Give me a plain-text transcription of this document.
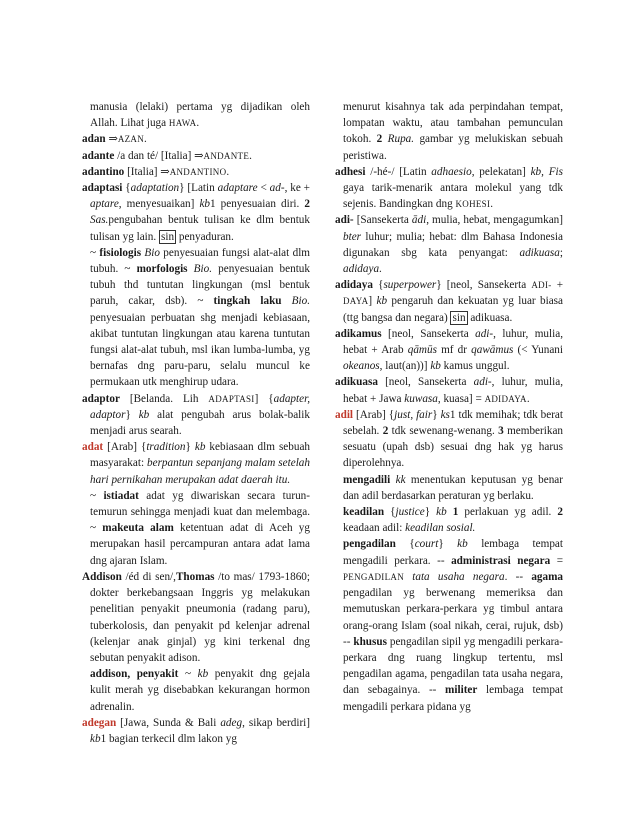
manusia (lelaki) pertama yg dijadikan oleh Allah. Lihat juga HAWA.

adan ⇒AZAN.

adante /a dan té/ [Italia] ⇒ANDANTE.

adantino [Italia] ⇒ANDANTINO.

adaptasi {adaptation} [Latin adaptare < ad-, ke + aptare, menyesuaikan] kb1 penyesuaian diri. 2 Sas.pengubahan bentuk tulisan ke dlm bentuk tulisan yg lain. sin penyaduran.

~ fisiologis Bio penyesuaian fungsi alat-alat dlm tubuh. ~ morfologis Bio. penyesuaian bentuk tubuh thd tuntutan lingkungan (msl bentuk paruh, cakar, dsb). ~ tingkah laku Bio. penyesuaian perbuatan shg menjadi kebiasaan, akibat tuntutan lingkungan atau karena tuntutan fungsi alat-alat tubuh, msl ikan lumba-lumba, yg bernafas dng paru-paru, selalu muncul ke permukaan utk menghirup udara.

adaptor [Belanda. Lih ADAPTASI] {adapter, adaptor} kb alat pengubah arus bolak-balik menjadi arus searah.

adat [Arab] {tradition} kb kebiasaan dlm sebuah masyarakat: berpantun sepanjang malam setelah hari pernikahan merupakan adat daerah itu.

~ istiadat adat yg diwariskan secara turun-temurun sehingga menjadi kuat dan melembaga. ~ makeuta alam ketentuan adat di Aceh yg merupakan hasil percampuran antara adat lama dng ajaran Islam.

Addison /éd di sen/,Thomas /to mas/ 1793-1860; dokter berkebangsaan Inggris yg melakukan penelitian penyakit pneumonia (radang paru), tuberkolosis, dan penyakit pd kelenjar adrenal (kelenjar anak ginjal) yg kini terkenal dng sebutan penyakit adison.

addison, penyakit ~ kb penyakit dng gejala kulit merah yg disebabkan kekurangan hormon adrenalin.

adegan [Jawa, Sunda & Bali adeg, sikap berdiri] kb1 bagian terkecil dlm lakon yg

menurut kisahnya tak ada perpindahan tempat, lompatan waktu, atau tambahan pemunculan tokoh. 2 Rupa. gambar yg melukiskan sebuah peristiwa.

adhesi /-hé-/ [Latin adhaesio, pelekatan] kb, Fis gaya tarik-menarik antara molekul yang tdk sejenis. Bandingkan dng KOHESI.

adi- [Sansekerta ādi, mulia, hebat, mengagumkan] bter luhur; mulia; hebat: dlm Bahasa Indonesia digunakan sbg kata penyangat: adikuasa; adidaya.

adidaya {superpower} [neol, Sansekerta ADI- + DAYA] kb pengaruh dan kekuatan yg luar biasa (ttg bangsa dan negara) sin adikuasa.

adikamus [neol, Sansekerta adi-, luhur, mulia, hebat + Arab qāmūs mf dr qawāmus (< Yunani okeanos, laut(an))] kb kamus unggul.

adikuasa [neol, Sansekerta adi-, luhur, mulia, hebat + Jawa kuwasa, kuasa] = ADIDAYA.

adil [Arab] {just, fair} ks1 tdk memihak; tdk berat sebelah. 2 tdk sewenang-wenang. 3 memberikan sesuatu (upah dsb) sesuai dng hak yg harus diperolehnya.

mengadili kk menentukan keputusan yg benar dan adil berdasarkan peraturan yg berlaku.

keadilan {justice} kb 1 perlakuan yg adil. 2 keadaan adil: keadilan sosial.

pengadilan {court} kb lembaga tempat mengadili perkara. -- administrasi negara = PENGADILAN tata usaha negara. -- agama pengadilan yg berwenang memeriksa dan memutuskan perkara-perkara yg timbul antara orang-orang Islam (soal nikah, cerai, rujuk, dsb) -- khusus pengadilan sipil yg mengadili perkara-perkara dng ruang lingkup tertentu, msl pengadilan agama, pengadilan tata usaha negara, dan sebagainya. -- militer lembaga tempat mengadili perkara pidana yg
